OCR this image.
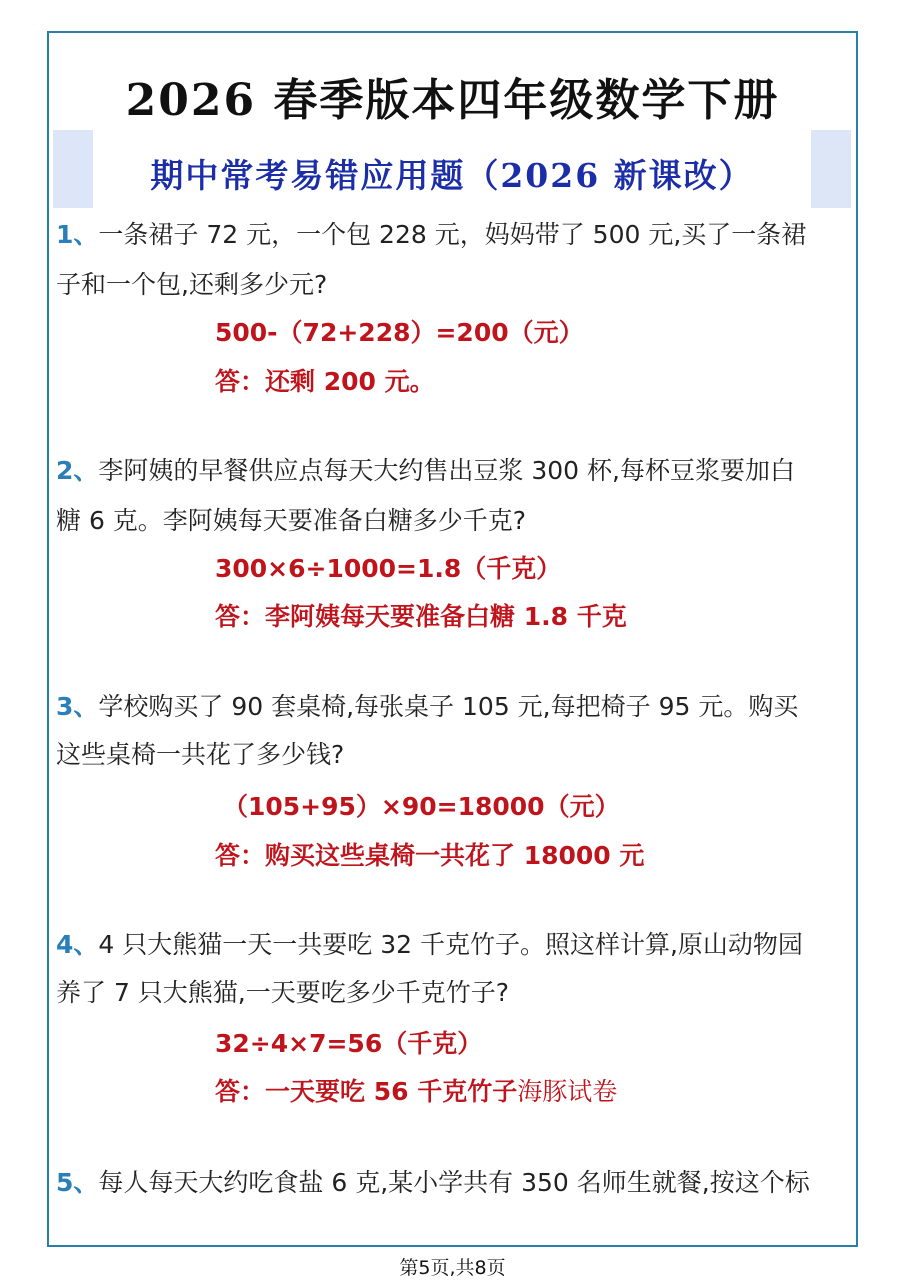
2026 春季版本四年级数学下册
期中常考易错应用题（2026 新课改）
1、一条裙子 72 元，一个包 228 元，妈妈带了 500 元,买了一条裙
子和一个包,还剩多少元?
500-（72+228）=200（元）
答：还剩 200 元。
2、李阿姨的早餐供应点每天大约售出豆浆 300 杯,每杯豆浆要加白
糖 6 克。李阿姨每天要准备白糖多少千克?
300×6÷1000=1.8（千克）
答：李阿姨每天要准备白糖 1.8 千克
3、学校购买了 90 套桌椅,每张桌子 105 元,每把椅子 95 元。购买
这些桌椅一共花了多少钱?
（105+95）×90=18000（元）
答：购买这些桌椅一共花了 18000 元
4、4 只大熊猫一天一共要吃 32 千克竹子。照这样计算,原山动物园
养了 7 只大熊猫,一天要吃多少千克竹子?
32÷4×7=56（千克）
答：一天要吃 56 千克竹子海豚试卷
5、每人每天大约吃食盐 6 克,某小学共有 350 名师生就餐,按这个标
第5页,共8页
